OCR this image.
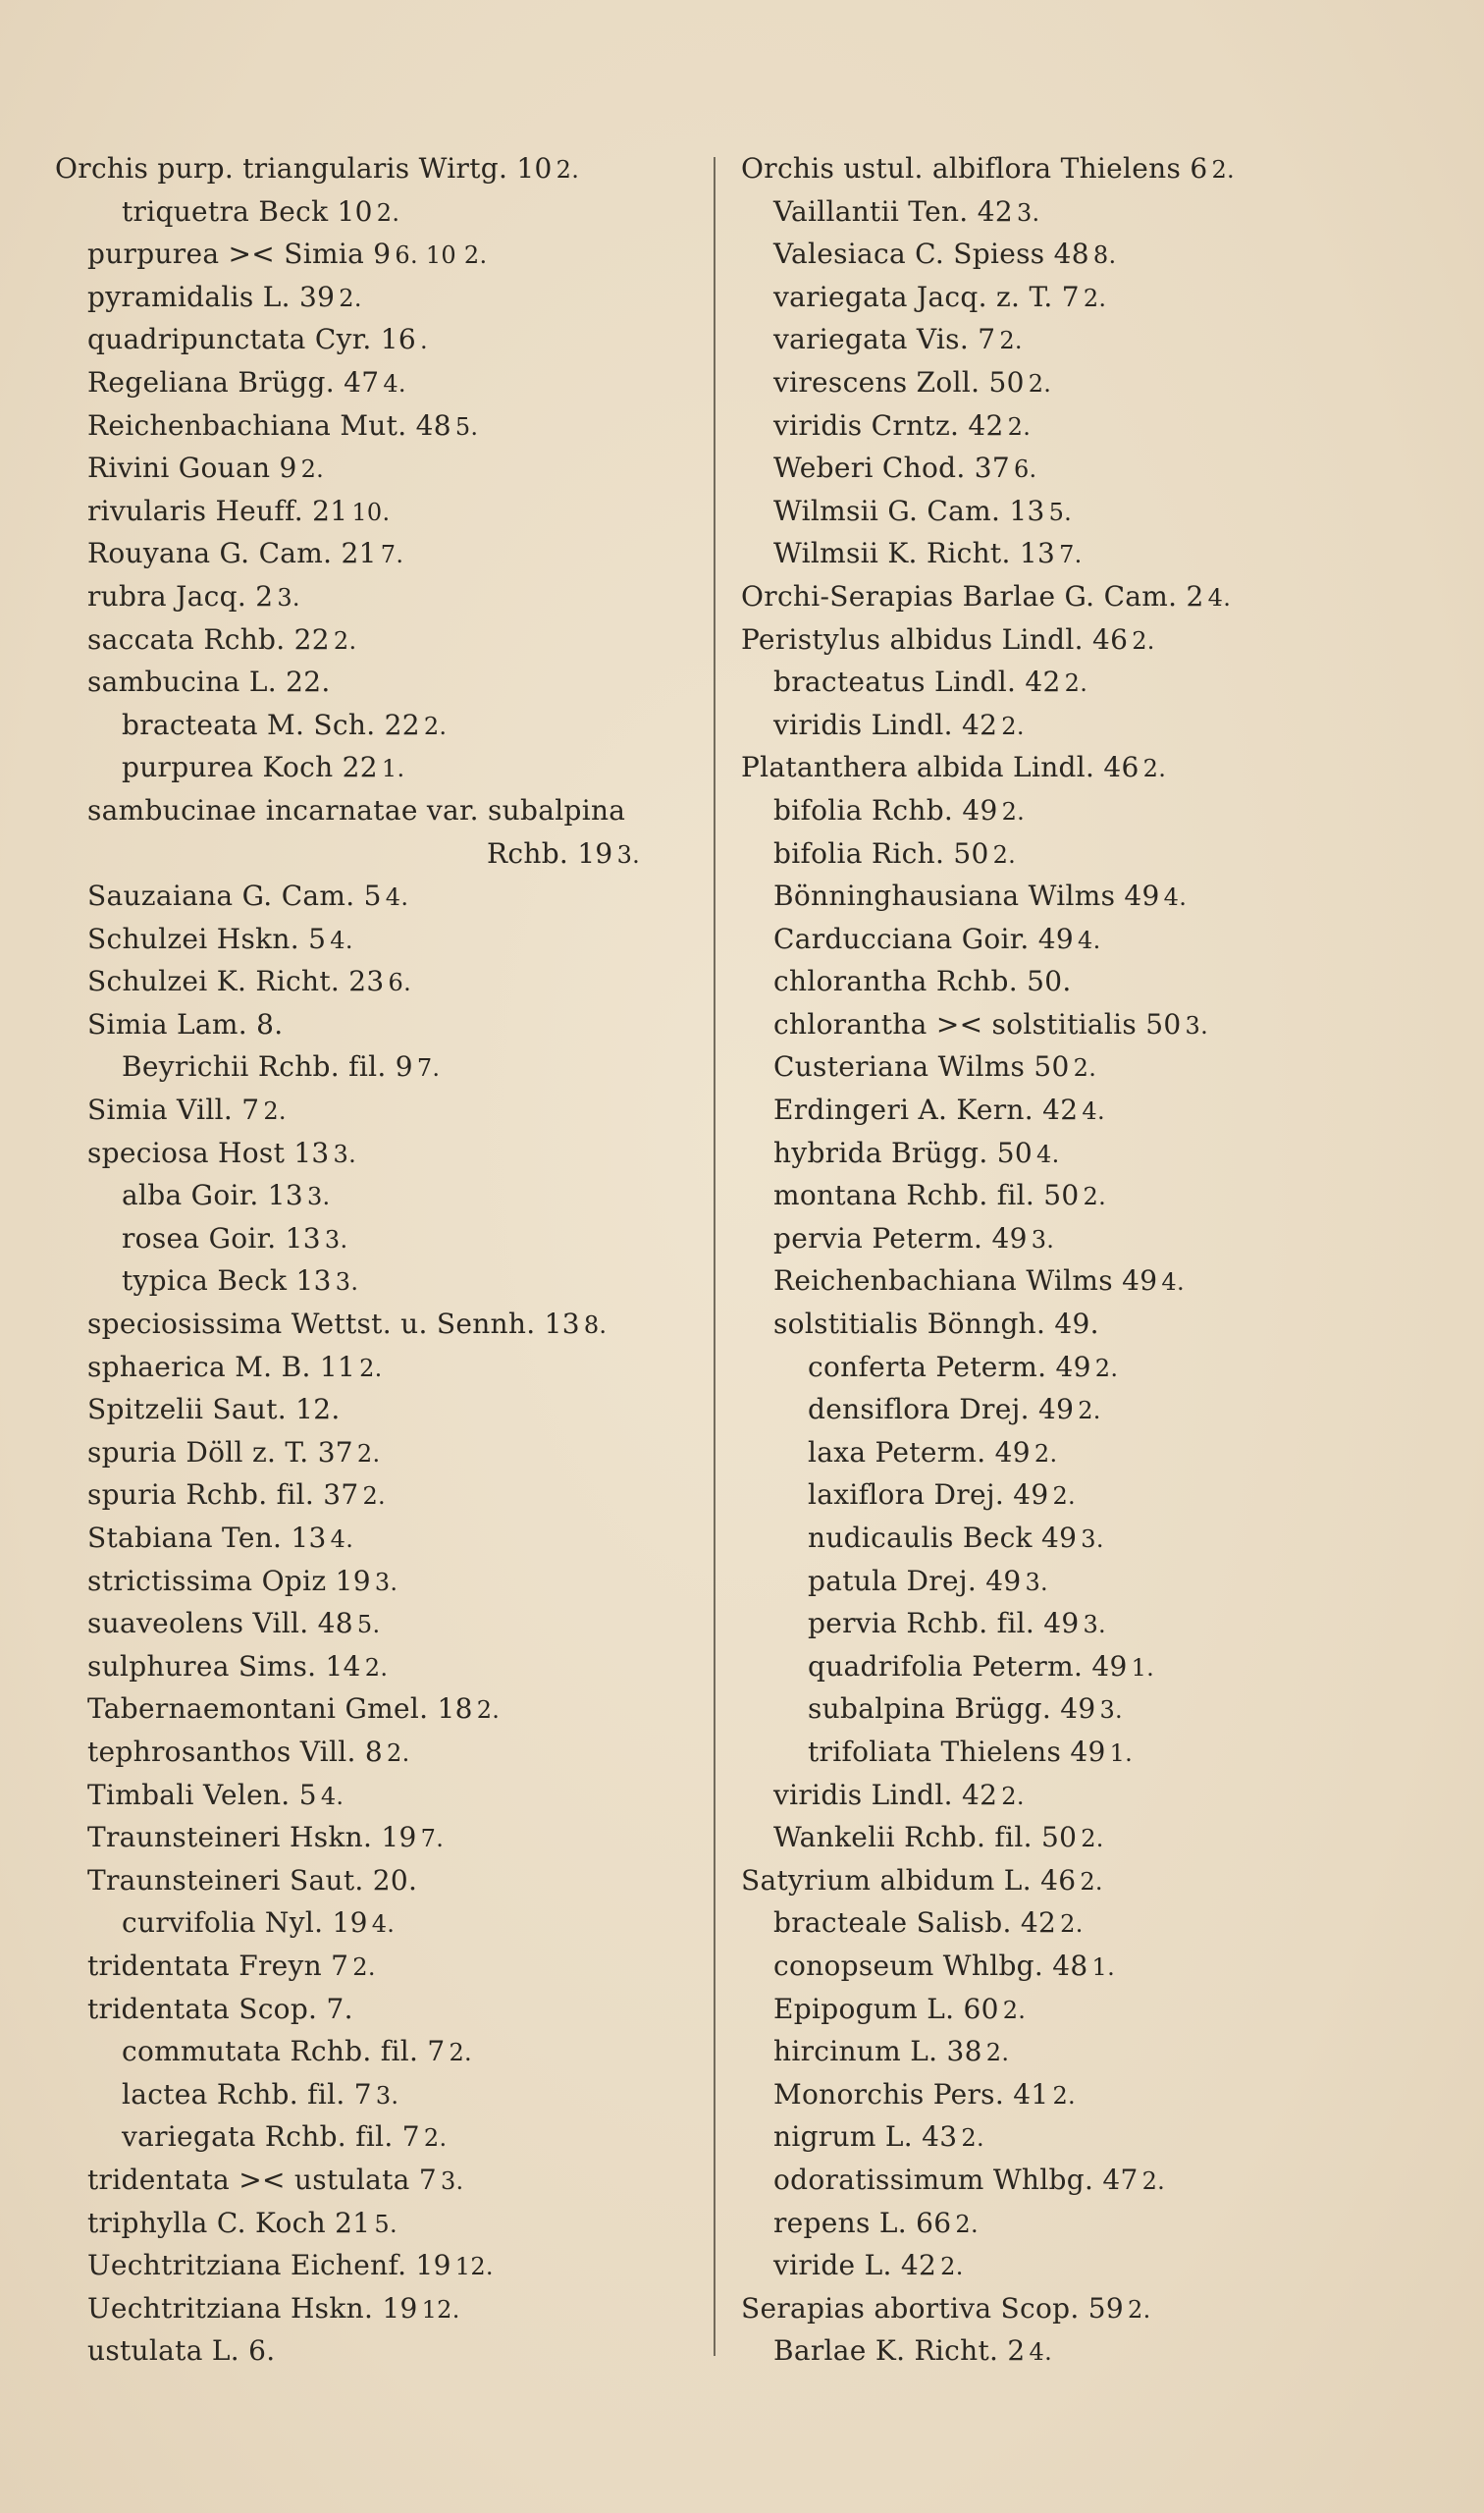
Orchis purp. triangularis Wirtg. 10 2.
triquetra Beck 10 2.
purpurea >< Simia 9 6. 10 2.
pyramidalis L. 39 2.
quadripunctata Cyr. 16 .
Regeliana Brügg. 47 4.
Reichenbachiana Mut. 48 5.
Rivini Gouan 9 2.
rivularis Heuff. 21 10.
Rouyana G. Cam. 21 7.
rubra Jacq. 2 3.
saccata Rchb. 22 2.
sambucina L. 22.
bracteata M. Sch. 22 2.
purpurea Koch 22 1.
sambucinae incarnatae var. subalpina
Rchb. 19 3.
Sauzaiana G. Cam. 5 4.
Schulzei Hskn. 5 4.
Schulzei K. Richt. 23 6.
Simia Lam. 8.
Beyrichii Rchb. fil. 9 7.
Simia Vill. 7 2.
speciosa Host 13 3.
alba Goir. 13 3.
rosea Goir. 13 3.
typica Beck 13 3.
speciosissima Wettst. u. Sennh. 13 8.
sphaerica M. B. 11 2.
Spitzelii Saut. 12.
spuria Döll z. T. 37 2.
spuria Rchb. fil. 37 2.
Stabiana Ten. 13 4.
strictissima Opiz 19 3.
suaveolens Vill. 48 5.
sulphurea Sims. 14 2.
Tabernaemontani Gmel. 18 2.
tephrosanthos Vill. 8 2.
Timbali Velen. 5 4.
Traunsteineri Hskn. 19 7.
Traunsteineri Saut. 20.
curvifolia Nyl. 19 4.
tridentata Freyn 7 2.
tridentata Scop. 7.
commutata Rchb. fil. 7 2.
lactea Rchb. fil. 7 3.
variegata Rchb. fil. 7 2.
tridentata >< ustulata 7 3.
triphylla C. Koch 21 5.
Uechtritziana Eichenf. 19 12.
Uechtritziana Hskn. 19 12.
ustulata L. 6.
Orchis ustul. albiflora Thielens 6 2.
Vaillantii Ten. 42 3.
Valesiaca C. Spiess 48 8.
variegata Jacq. z. T. 7 2.
variegata Vis. 7 2.
virescens Zoll. 50 2.
viridis Crntz. 42 2.
Weberi Chod. 37 6.
Wilmsii G. Cam. 13 5.
Wilmsii K. Richt. 13 7.
Orchi-Serapias Barlae G. Cam. 2 4.
Peristylus albidus Lindl. 46 2.
bracteatus Lindl. 42 2.
viridis Lindl. 42 2.
Platanthera albida Lindl. 46 2.
bifolia Rchb. 49 2.
bifolia Rich. 50 2.
Bönninghausiana Wilms 49 4.
Carducciana Goir. 49 4.
chlorantha Rchb. 50.
chlorantha >< solstitialis 50 3.
Custeriana Wilms 50 2.
Erdingeri A. Kern. 42 4.
hybrida Brügg. 50 4.
montana Rchb. fil. 50 2.
pervia Peterm. 49 3.
Reichenbachiana Wilms 49 4.
solstitialis Bönngh. 49.
conferta Peterm. 49 2.
densiflora Drej. 49 2.
laxa Peterm. 49 2.
laxiflora Drej. 49 2.
nudicaulis Beck 49 3.
patula Drej. 49 3.
pervia Rchb. fil. 49 3.
quadrifolia Peterm. 49 1.
subalpina Brügg. 49 3.
trifoliata Thielens 49 1.
viridis Lindl. 42 2.
Wankelii Rchb. fil. 50 2.
Satyrium albidum L. 46 2.
bracteale Salisb. 42 2.
conopseum Whlbg. 48 1.
Epipogum L. 60 2.
hircinum L. 38 2.
Monorchis Pers. 41 2.
nigrum L. 43 2.
odoratissimum Whlbg. 47 2.
repens L. 66 2.
viride L. 42 2.
Serapias abortiva Scop. 59 2.
Barlae K. Richt. 2 4.
